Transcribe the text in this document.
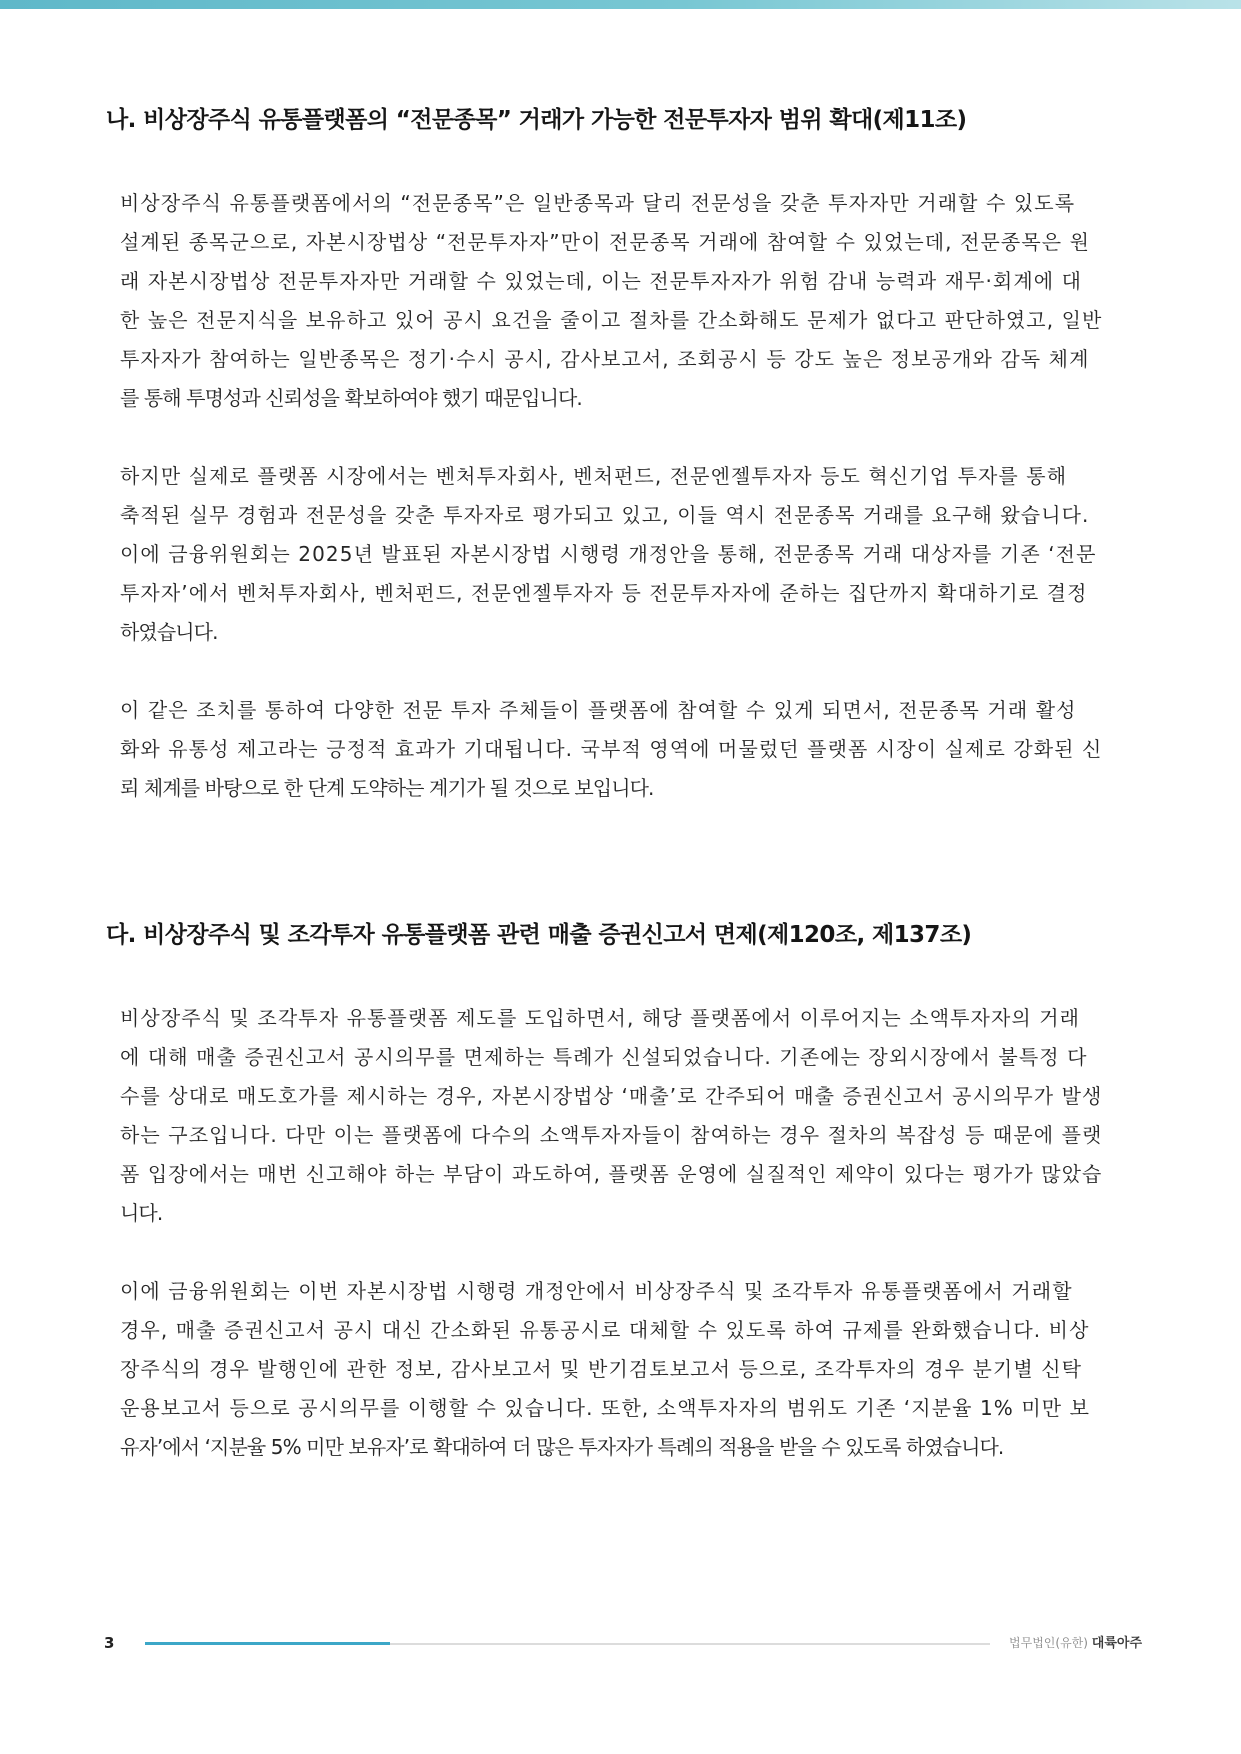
나. 비상장주식 유통플랫폼의 “전문종목” 거래가 가능한 전문투자자 범위 확대(제11조)
비상장주식 유통플랫폼에서의 “전문종목”은 일반종목과 달리 전문성을 갖춘 투자자만 거래할 수 있도록
설계된 종목군으로, 자본시장법상 “전문투자자”만이 전문종목 거래에 참여할 수 있었는데, 전문종목은 원
래 자본시장법상 전문투자자만 거래할 수 있었는데, 이는 전문투자자가 위험 감내 능력과 재무·회계에 대
한 높은 전문지식을 보유하고 있어 공시 요건을 줄이고 절차를 간소화해도 문제가 없다고 판단하였고, 일반
투자자가 참여하는 일반종목은 정기·수시 공시, 감사보고서, 조회공시 등 강도 높은 정보공개와 감독 체계
를 통해 투명성과 신뢰성을 확보하여야 했기 때문입니다.
하지만 실제로 플랫폼 시장에서는 벤처투자회사, 벤처펀드, 전문엔젤투자자 등도 혁신기업 투자를 통해
축적된 실무 경험과 전문성을 갖춘 투자자로 평가되고 있고, 이들 역시 전문종목 거래를 요구해 왔습니다.
이에 금융위원회는 2025년 발표된 자본시장법 시행령 개정안을 통해, 전문종목 거래 대상자를 기존 ‘전문
투자자’에서 벤처투자회사, 벤처펀드, 전문엔젤투자자 등 전문투자자에 준하는 집단까지 확대하기로 결정
하였습니다.
이 같은 조치를 통하여 다양한 전문 투자 주체들이 플랫폼에 참여할 수 있게 되면서, 전문종목 거래 활성
화와 유통성 제고라는 긍정적 효과가 기대됩니다. 국부적 영역에 머물렀던 플랫폼 시장이 실제로 강화된 신
뢰 체계를 바탕으로 한 단계 도약하는 계기가 될 것으로 보입니다.
다. 비상장주식 및 조각투자 유통플랫폼 관련 매출 증권신고서 면제(제120조, 제137조)
비상장주식 및 조각투자 유통플랫폼 제도를 도입하면서, 해당 플랫폼에서 이루어지는 소액투자자의 거래
에 대해 매출 증권신고서 공시의무를 면제하는 특례가 신설되었습니다. 기존에는 장외시장에서 불특정 다
수를 상대로 매도호가를 제시하는 경우, 자본시장법상 ‘매출’로 간주되어 매출 증권신고서 공시의무가 발생
하는 구조입니다. 다만 이는 플랫폼에 다수의 소액투자자들이 참여하는 경우 절차의 복잡성 등 때문에 플랫
폼 입장에서는 매번 신고해야 하는 부담이 과도하여, 플랫폼 운영에 실질적인 제약이 있다는 평가가 많았습
니다.
이에 금융위원회는 이번 자본시장법 시행령 개정안에서 비상장주식 및 조각투자 유통플랫폼에서 거래할
경우, 매출 증권신고서 공시 대신 간소화된 유통공시로 대체할 수 있도록 하여 규제를 완화했습니다. 비상
장주식의 경우 발행인에 관한 정보, 감사보고서 및 반기검토보고서 등으로, 조각투자의 경우 분기별 신탁
운용보고서 등으로 공시의무를 이행할 수 있습니다. 또한, 소액투자자의 범위도 기존 ‘지분율 1% 미만 보
유자’에서 ‘지분율 5% 미만 보유자’로 확대하여 더 많은 투자자가 특례의 적용을 받을 수 있도록 하였습니다.
3	법무법인(유한) 대륙아주
